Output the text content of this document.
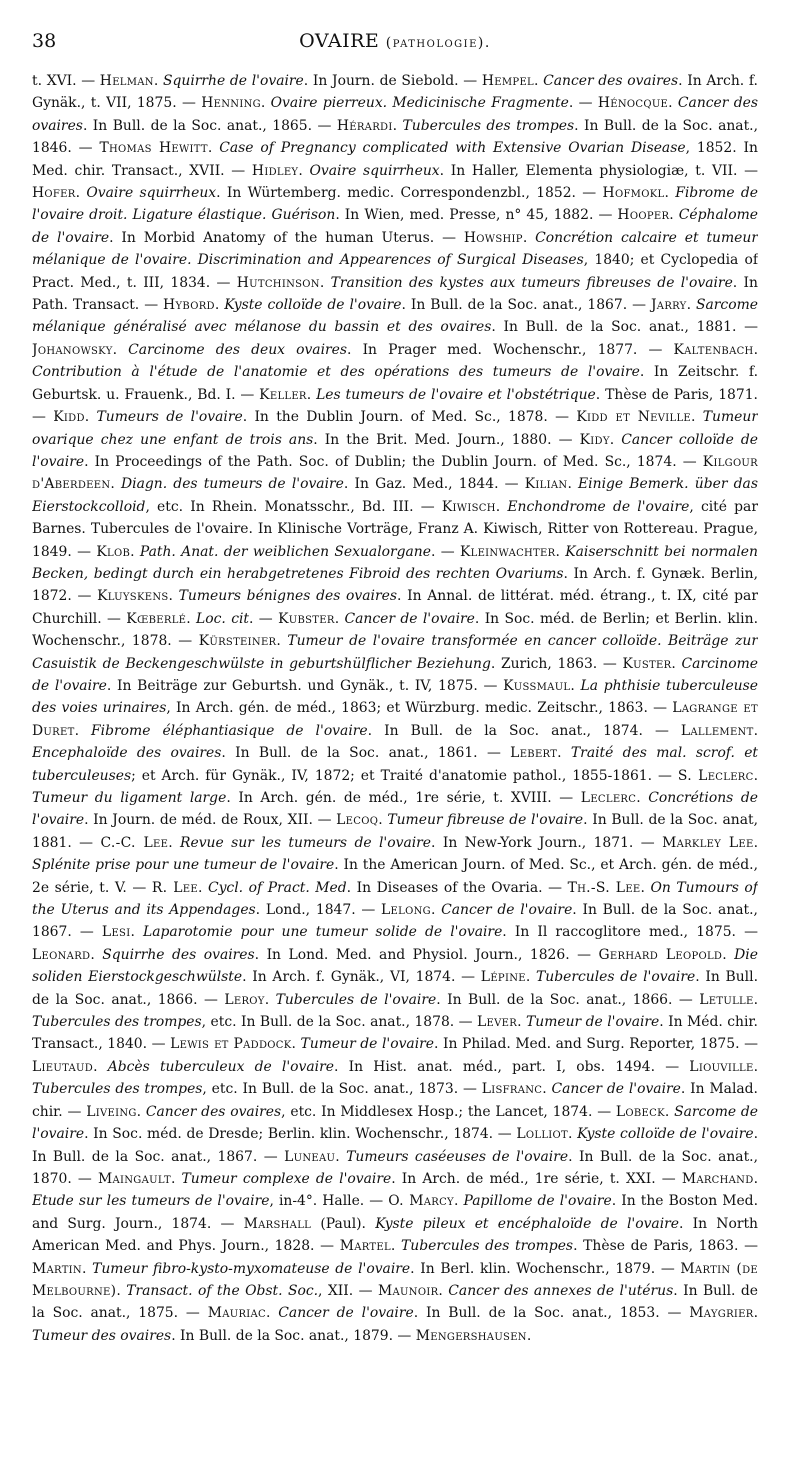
38	OVAIRE (pathologie).
t. XVI. — Helman. Squirrhe de l'ovaire. In Journ. de Siebold. — Hempel. Cancer des ovaires. In Arch. f. Gynäk., t. VII, 1875. — Henning. Ovaire pierreux. Medicinische Fragmente. — Hénocque. Cancer des ovaires. In Bull. de la Soc. anat., 1865. — Hérardi. Tubercules des trompes. In Bull. de la Soc. anat., 1846. — Thomas Hewitt. Case of Pregnancy complicated with Extensive Ovarian Disease, 1852. In Med. chir. Transact., XVII. — Hidley. Ovaire squirrheux. In Haller, Elementa physiologiæ, t. VII. — Hofer. Ovaire squirrheux. In Würtemberg. medic. Correspondenzbl., 1852. — Hofmokl. Fibrome de l'ovaire droit. Ligature élastique. Guérison. In Wien, med. Presse, n° 45, 1882. — Hooper. Céphalome de l'ovaire. In Morbid Anatomy of the human Uterus. — Howship. Concrétion calcaire et tumeur mélanique de l'ovaire. Discrimination and Appearences of Surgical Diseases, 1840; et Cyclopedia of Pract. Med., t. III, 1834. — Hutchinson. Transition des kystes aux tumeurs fibreuses de l'ovaire. In Path. Transact. — Hybord. Kyste colloïde de l'ovaire. In Bull. de la Soc. anat., 1867. — Jarry. Sarcome mélanique généralisé avec mélanose du bassin et des ovaires. In Bull. de la Soc. anat., 1881. — Johanowsky. Carcinome des deux ovaires. In Prager med. Wochenschr., 1877. — Kaltenbach. Contribution à l'étude de l'anatomie et des opérations des tumeurs de l'ovaire. In Zeitschr. f. Geburtsk. u. Frauenk., Bd. I. — Keller. Les tumeurs de l'ovaire et l'obstétrique. Thèse de Paris, 1871. — Kidd. Tumeurs de l'ovaire. In the Dublin Journ. of Med. Sc., 1878. — Kidd et Neville. Tumeur ovarique chez une enfant de trois ans. In the Brit. Med. Journ., 1880. — Kidy. Cancer colloïde de l'ovaire. In Proceedings of the Path. Soc. of Dublin; the Dublin Journ. of Med. Sc., 1874. — Kilgour d'Aberdeen. Diagn. des tumeurs de l'ovaire. In Gaz. Med., 1844. — Kilian. Einige Bemerk. über das Eierstockcolloid, etc. In Rhein. Monatsschr., Bd. III. — Kiwisch. Enchondrome de l'ovaire, cité par Barnes. Tubercules de l'ovaire. In Klinische Vorträge, Franz A. Kiwisch, Ritter von Rottereau. Prague, 1849. — Klob. Path. Anat. der weiblichen Sexualorgane. — Kleinwachter. Kaiserschnitt bei normalen Becken, bedingt durch ein herabgetretenes Fibroid des rechten Ovariums. In Arch. f. Gynæk. Berlin, 1872. — Kluyskens. Tumeurs bénignes des ovaires. In Annal. de littérat. méd. étrang., t. IX, cité par Churchill. — Kœberlé. Loc. cit. — Kubster. Cancer de l'ovaire. In Soc. méd. de Berlin; et Berlin. klin. Wochenschr., 1878. — Kürsteiner. Tumeur de l'ovaire transformée en cancer colloïde. Beiträge zur Casuistik de Beckengeschwülste in geburtshülflicher Beziehung. Zurich, 1863. — Kuster. Carcinome de l'ovaire. In Beiträge zur Geburtsh. und Gynäk., t. IV, 1875. — Kussmaul. La phthisie tuberculeuse des voies urinaires, In Arch. gén. de méd., 1863; et Würzburg. medic. Zeitschr., 1863. — Lagrange et Duret. Fibrome éléphantiasique de l'ovaire. In Bull. de la Soc. anat., 1874. — Lallement. Encephaloïde des ovaires. In Bull. de la Soc. anat., 1861. — Lebert. Traité des mal. scrof. et tuberculeuses; et Arch. für Gynäk., IV, 1872; et Traité d'anatomie pathol., 1855-1861. — S. Leclerc. Tumeur du ligament large. In Arch. gén. de méd., 1re série, t. XVIII. — Leclerc. Concrétions de l'ovaire. In Journ. de méd. de Roux, XII. — Lecoq. Tumeur fibreuse de l'ovaire. In Bull. de la Soc. anat, 1881. — C.-C. Lee. Revue sur les tumeurs de l'ovaire. In New-York Journ., 1871. — Markley Lee. Splénite prise pour une tumeur de l'ovaire. In the American Journ. of Med. Sc., et Arch. gén. de méd., 2e série, t. V. — R. Lee. Cycl. of Pract. Med. In Diseases of the Ovaria. — Th.-S. Lee. On Tumours of the Uterus and its Appendages. Lond., 1847. — Lelong. Cancer de l'ovaire. In Bull. de la Soc. anat., 1867. — Lesi. Laparotomie pour une tumeur solide de l'ovaire. In Il raccoglitore med., 1875. — Leonard. Squirrhe des ovaires. In Lond. Med. and Physiol. Journ., 1826. — Gerhard Leopold. Die soliden Eierstockgeschwülste. In Arch. f. Gynäk., VI, 1874. — Lépine. Tubercules de l'ovaire. In Bull. de la Soc. anat., 1866. — Leroy. Tubercules de l'ovaire. In Bull. de la Soc. anat., 1866. — Letulle. Tubercules des trompes, etc. In Bull. de la Soc. anat., 1878. — Lever. Tumeur de l'ovaire. In Méd. chir. Transact., 1840. — Lewis et Paddock. Tumeur de l'ovaire. In Philad. Med. and Surg. Reporter, 1875. — Lieutaud. Abcès tuberculeux de l'ovaire. In Hist. anat. méd., part. I, obs. 1494. — Liouville. Tubercules des trompes, etc. In Bull. de la Soc. anat., 1873. — Lisfranc. Cancer de l'ovaire. In Malad. chir. — Liveing. Cancer des ovaires, etc. In Middlesex Hosp.; the Lancet, 1874. — Lobeck. Sarcome de l'ovaire. In Soc. méd. de Dresde; Berlin. klin. Wochenschr., 1874. — Lolliot. Kyste colloïde de l'ovaire. In Bull. de la Soc. anat., 1867. — Luneau. Tumeurs caséeuses de l'ovaire. In Bull. de la Soc. anat., 1870. — Maingault. Tumeur complexe de l'ovaire. In Arch. de méd., 1re série, t. XXI. — Marchand. Etude sur les tumeurs de l'ovaire, in-4°. Halle. — O. Marcy. Papillome de l'ovaire. In the Boston Med. and Surg. Journ., 1874. — Marshall (Paul). Kyste pileux et encéphaloïde de l'ovaire. In North American Med. and Phys. Journ., 1828. — Martel. Tubercules des trompes. Thèse de Paris, 1863. — Martin. Tumeur fibro-kysto-myxomateuse de l'ovaire. In Berl. klin. Wochenschr., 1879. — Martin (de Melbourne). Transact. of the Obst. Soc., XII. — Maunoir. Cancer des annexes de l'utérus. In Bull. de la Soc. anat., 1875. — Mauriac. Cancer de l'ovaire. In Bull. de la Soc. anat., 1853. — Maygrier. Tumeur des ovaires. In Bull. de la Soc. anat., 1879. — Mengershausen.
